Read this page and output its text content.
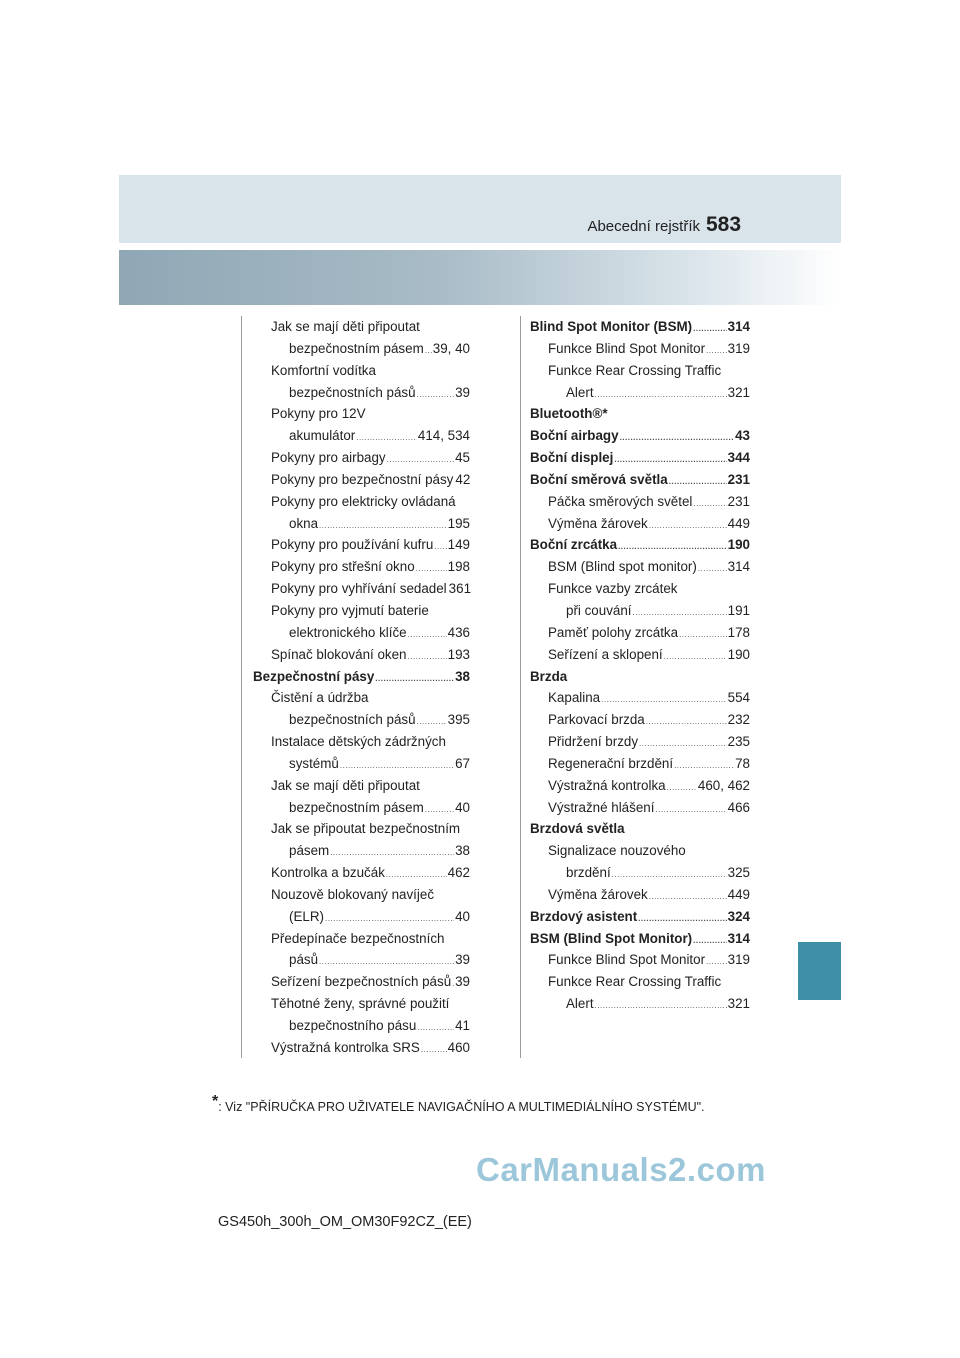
Abecední rejstřík 583
Jak se mají děti připoutat
bezpečnostním pásem ..... 39, 40
Komfortní vodítka
bezpečnostních pásů .....	39
Pokyny pro 12V
akumulátor .....	414, 534
Pokyny pro airbagy .....	45
Pokyny pro bezpečnostní pásy 42
Pokyny pro elektricky ovládaná
okna .....	195
Pokyny pro používání kufru ..... 149
Pokyny pro střešní okno ..... 198
Pokyny pro vyhřívání sedadel 361
Pokyny pro vyjmutí baterie
elektronického klíče .....	436
Spínač blokování oken .....	193
Bezpečnostní pásy .....	38
Čistění a údržba
bezpečnostních pásů ..... 395
Instalace dětských zádržných
systémů .....	67
Jak se mají děti připoutat
bezpečnostním pásem ..... 40
Jak se připoutat bezpečnostním
pásem .....	38
Kontrolka a bzučák .....	462
Nouzově blokovaný navíječ
(ELR) .....	40
Předepínače bezpečnostních
pásů .....	39
Seřízení bezpečnostních pásů ..... 39
Těhotné ženy, správné použití
bezpečnostního pásu .....	41
Výstražná kontrolka SRS ..... 460
Blind Spot Monitor (BSM) .....	314
Funkce Blind Spot Monitor ..... 319
Funkce Rear Crossing Traffic
Alert .....	321
Bluetooth®*
Boční airbagy .....	43
Boční displej .....	344
Boční směrová světla .....	231
Páčka směrových světel .....	231
Výměna žárovek .....	449
Boční zrcátka .....	190
BSM (Blind spot monitor) ..... 314
Funkce vazby zrcátek
při couvání .....	191
Paměť polohy zrcátka .....	178
Seřízení a sklopení .....	190
Brzda
Kapalina .....	554
Parkovací brzda .....	232
Přidržení brzdy .....	235
Regenerační brzdění .....	78
Výstražná kontrolka ..... 460, 462
Výstražné hlášení .....	466
Brzdová světla
Signalizace nouzového
brzdění .....	325
Výměna žárovek .....	449
Brzdový asistent .....	324
BSM (Blind Spot Monitor) .....	314
Funkce Blind Spot Monitor ..... 319
Funkce Rear Crossing Traffic
Alert .....	321
*: Viz "PŘÍRUČKA PRO UŽIVATELE NAVIGAČNÍHO A MULTIMEDIÁLNÍHO SYSTÉMU".
CarManuals2.com
GS450h_300h_OM_OM30F92CZ_(EE)
